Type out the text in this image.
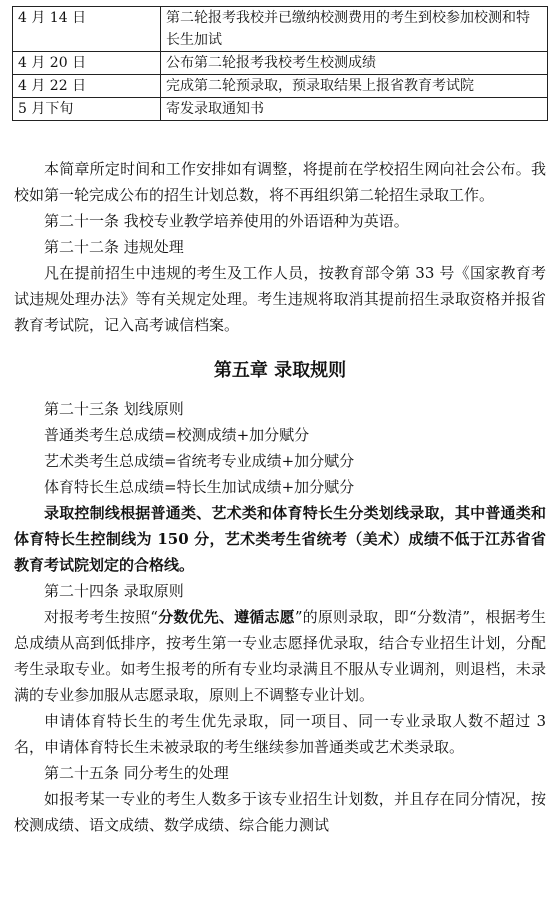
4 月 14 日	第二轮报考我校并已缴纳校测费用的考生到校参加校测和特长生加试
4 月 20 日	公布第二轮报考我校考生校测成绩
4 月 22 日	完成第二轮预录取，预录取结果上报省教育考试院
5 月下旬	寄发录取通知书

本简章所定时间和工作安排如有调整，将提前在学校招生网向社会公布。我校如第一轮完成公布的招生计划总数，将不再组织第二轮招生录取工作。

第二十一条 我校专业教学培养使用的外语语种为英语。

第二十二条 违规处理

凡在提前招生中违规的考生及工作人员，按教育部令第 33 号《国家教育考试违规处理办法》等有关规定处理。考生违规将取消其提前招生录取资格并报省教育考试院，记入高考诚信档案。

第五章 录取规则

第二十三条 划线原则

普通类考生总成绩=校测成绩+加分赋分

艺术类考生总成绩=省统考专业成绩+加分赋分

体育特长生总成绩=特长生加试成绩+加分赋分

录取控制线根据普通类、艺术类和体育特长生分类划线录取，其中普通类和体育特长生控制线为 150 分，艺术类考生省统考（美术）成绩不低于江苏省省教育考试院划定的合格线。

第二十四条 录取原则

对报考考生按照“分数优先、遵循志愿”的原则录取，即“分数清”，根据考生总成绩从高到低排序，按考生第一专业志愿择优录取，结合专业招生计划，分配考生录取专业。如考生报考的所有专业均录满且不服从专业调剂，则退档，未录满的专业参加服从志愿录取，原则上不调整专业计划。

申请体育特长生的考生优先录取，同一项目、同一专业录取人数不超过 3 名，申请体育特长生未被录取的考生继续参加普通类或艺术类录取。

第二十五条 同分考生的处理

如报考某一专业的考生人数多于该专业招生计划数，并且存在同分情况，按校测成绩、语文成绩、数学成绩、综合能力测试
